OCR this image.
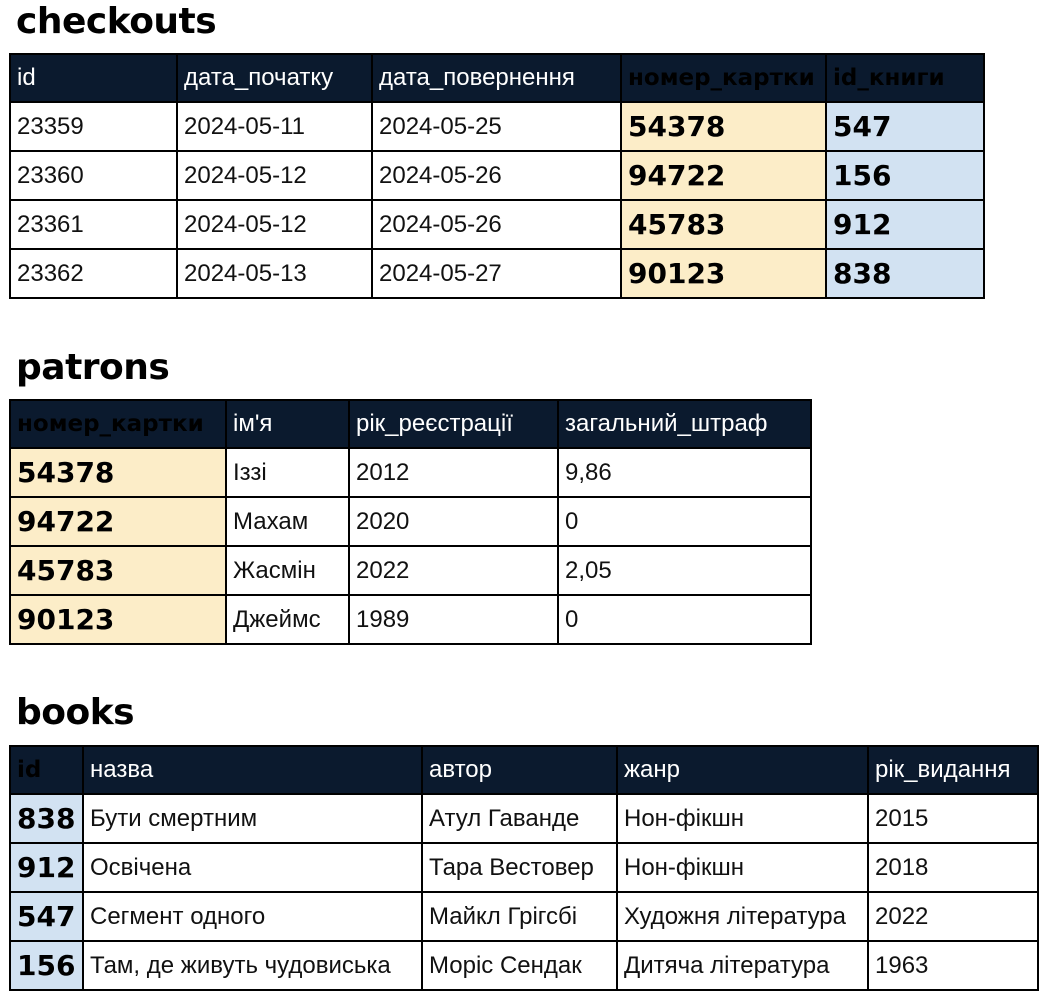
checkouts
id	дата_початку	дата_повернення	номер_картки	id_книги
23359	2024-05-11	2024-05-25	54378	547
23360	2024-05-12	2024-05-26	94722	156
23361	2024-05-12	2024-05-26	45783	912
23362	2024-05-13	2024-05-27	90123	838
patrons
номер_картки	ім'я	рік_реєстрації	загальний_штраф
54378	Іззі	2012	9,86
94722	Махам	2020	0
45783	Жасмін	2022	2,05
90123	Джеймс	1989	0
books
id	назва	автор	жанр	рік_видання
838	Бути смертним	Атул Гаванде	Нон-фікшн	2015
912	Освічена	Тара Вестовер	Нон-фікшн	2018
547	Сегмент одного	Майкл Грігсбі	Художня література	2022
156	Там, де живуть чудовиська	Моріс Сендак	Дитяча література	1963
